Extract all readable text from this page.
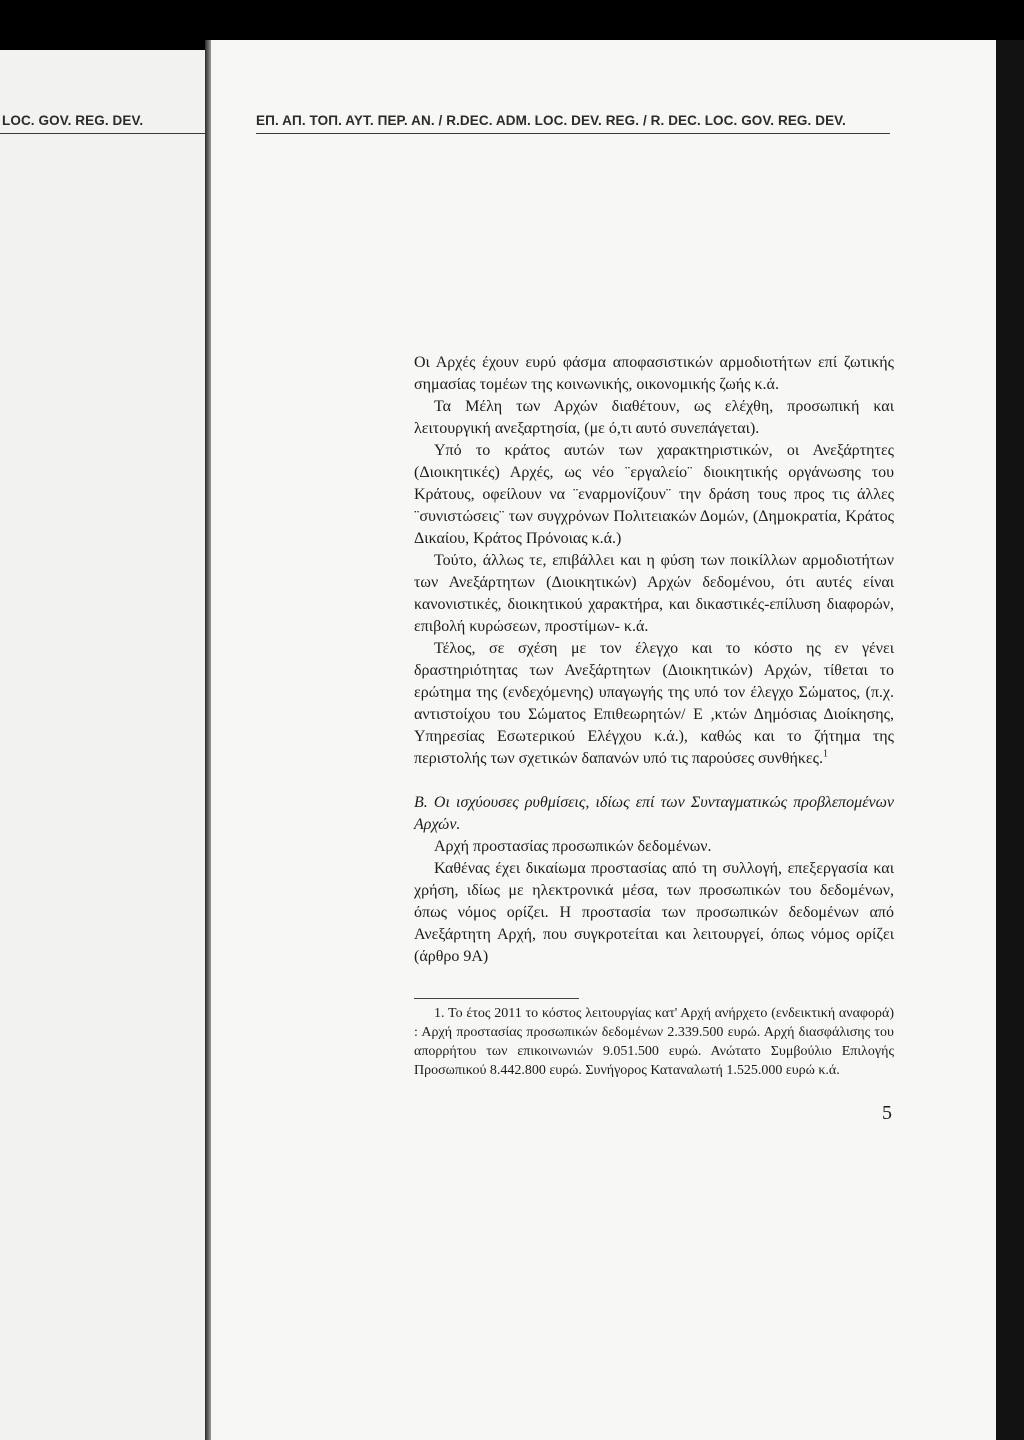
LOC. GOV. REG. DEV.	ΕΠ. ΑΠ. ΤΟΠ. ΑΥΤ. ΠΕΡ. ΑΝ. / R.DEC. ADM. LOC. DEV. REG. / R. DEC. LOC. GOV. REG. DEV.

Οι Αρχές έχουν ευρύ φάσμα αποφασιστικών αρμοδιοτήτων επί ζωτικής σημασίας τομέων της κοινωνικής, οικονομικής ζωής κ.ά.

Τα Μέλη των Αρχών διαθέτουν, ως ελέχθη, προσωπική και λειτουργική ανεξαρτησία, (με ό,τι αυτό συνεπάγεται).

Υπό το κράτος αυτών των χαρακτηριστικών, οι Ανεξάρτητες (Διοικητικές) Αρχές, ως νέο ¨εργαλείο¨ διοικητικής οργάνωσης του Κράτους, οφείλουν να ¨εναρμονίζουν¨ την δράση τους προς τις άλλες ¨συνιστώσεις¨ των συγχρόνων Πολιτειακών Δομών, (Δημοκρατία, Κράτος Δικαίου, Κράτος Πρόνοιας κ.ά.)

Τούτο, άλλως τε, επιβάλλει και η φύση των ποικίλλων αρμοδιοτήτων των Ανεξάρτητων (Διοικητικών) Αρχών δεδομένου, ότι αυτές είναι κανονιστικές, διοικητικού χαρακτήρα, και δικαστικές-επίλυση διαφορών, επιβολή κυρώσεων, προστίμων- κ.ά.

Τέλος, σε σχέση με τον έλεγχο και το κόστο ης εν γένει δραστηριότητας των Ανεξάρτητων (Διοικητικών) Αρχών, τίθεται το ερώτημα της (ενδεχόμενης) υπαγωγής της υπό τον έλεγχο Σώματος, (π.χ. αντιστοίχου του Σώματος Επιθεωρητών/ Ε ,κτών Δημόσιας Διοίκησης, Υπηρεσίας Εσωτερικού Ελέγχου κ.ά.), καθώς και το ζήτημα της περιστολής των σχετικών δαπανών υπό τις παρούσες συνθήκες.$^1$

Β. Οι ισχύουσες ρυθμίσεις, ιδίως επί των Συνταγματικώς προβλεπομένων Αρχών.

Αρχή προστασίας προσωπικών δεδομένων.

Καθένας έχει δικαίωμα προστασίας από τη συλλογή, επεξεργασία και χρήση, ιδίως με ηλεκτρονικά μέσα, των προσωπικών του δεδομένων, όπως νόμος ορίζει. Η προστασία των προσωπικών δεδομένων από Ανεξάρτητη Αρχή, που συγκροτείται και λειτουργεί, όπως νόμος ορίζει (άρθρο 9Α)

1. Το έτος 2011 το κόστος λειτουργίας κατ' Αρχή ανήρχετο (ενδεικτική αναφορά) : Αρχή προστασίας προσωπικών δεδομένων 2.339.500 ευρώ. Αρχή διασφάλισης του απορρήτου των επικοινωνιών 9.051.500 ευρώ. Ανώτατο Συμβούλιο Επιλογής Προσωπικού 8.442.800 ευρώ. Συνήγορος Καταναλωτή 1.525.000 ευρώ κ.ά.

5
